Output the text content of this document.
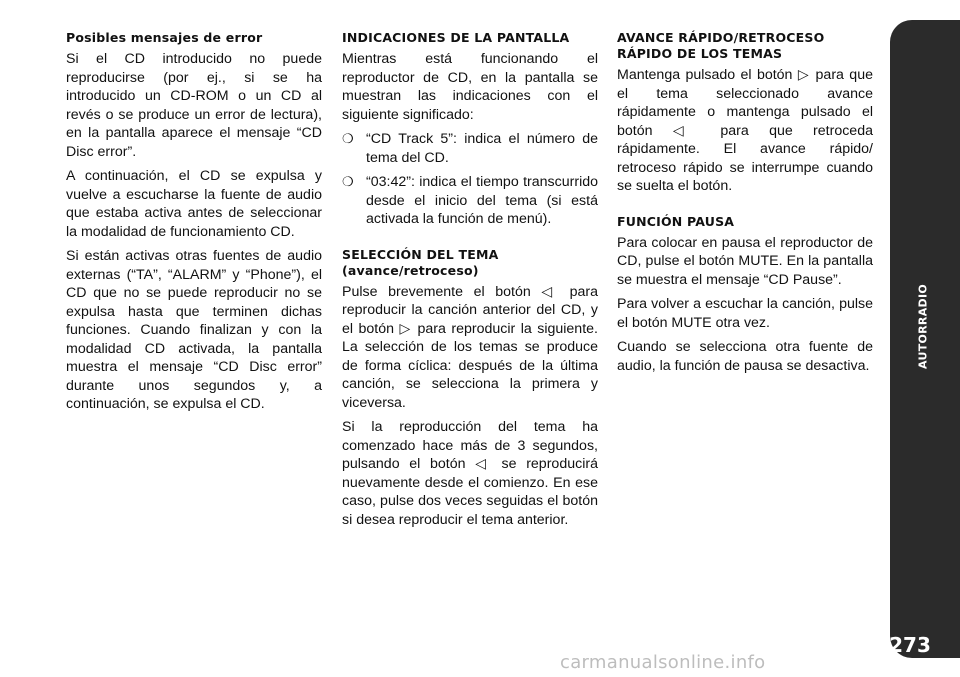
Posibles mensajes de error

Si el CD introducido no puede reproducirse (por ej., si se ha introducido un CD-ROM o un CD al revés o se produce un error de lectura), en la pantalla aparece el mensaje “CD Disc error”.

A continuación, el CD se expulsa y vuelve a escucharse la fuente de audio que estaba activa antes de seleccionar la modalidad de funcionamiento CD.

Si están activas otras fuentes de audio externas (“TA”, “ALARM” y “Phone”), el CD que no se puede reproducir no se expulsa hasta que terminen dichas funciones. Cuando finalizan y con la modalidad CD activada, la pantalla muestra el mensaje “CD Disc error” durante unos segundos y, a continuación, se expulsa el CD.

INDICACIONES DE LA PANTALLA

Mientras está funcionando el reproductor de CD, en la pantalla se muestran las indicaciones con el siguiente significado:

❍ “CD Track 5”: indica el número de tema del CD.
❍ “03:42”: indica el tiempo transcurrido desde el inicio del tema (si está activada la función de menú).
SELECCIÓN DEL TEMA (avance/retroceso)

Pulse brevemente el botón ◁ para reproducir la canción anterior del CD, y el botón ▷ para reproducir la siguiente. La selección de los temas se produce de forma cíclica: después de la última canción, se selecciona la primera y viceversa.

Si la reproducción del tema ha comenzado hace más de 3 segundos, pulsando el botón ◁ se reproducirá nuevamente desde el comienzo. En ese caso, pulse dos veces seguidas el botón si desea reproducir el tema anterior.

AVANCE RÁPIDO/RETROCESO RÁPIDO DE LOS TEMAS

Mantenga pulsado el botón ▷ para que el tema seleccionado avance rápidamente o mantenga pulsado el botón ◁ para que retroceda rápidamente. El avance rápido/ retroceso rápido se interrumpe cuando se suelta el botón.

FUNCIÓN PAUSA

Para colocar en pausa el reproductor de CD, pulse el botón MUTE. En la pantalla se muestra el mensaje “CD Pause”.

Para volver a escuchar la canción, pulse el botón MUTE otra vez.

Cuando se selecciona otra fuente de audio, la función de pausa se desactiva.	AUTORRADIO
273
carmanualsonline.info
